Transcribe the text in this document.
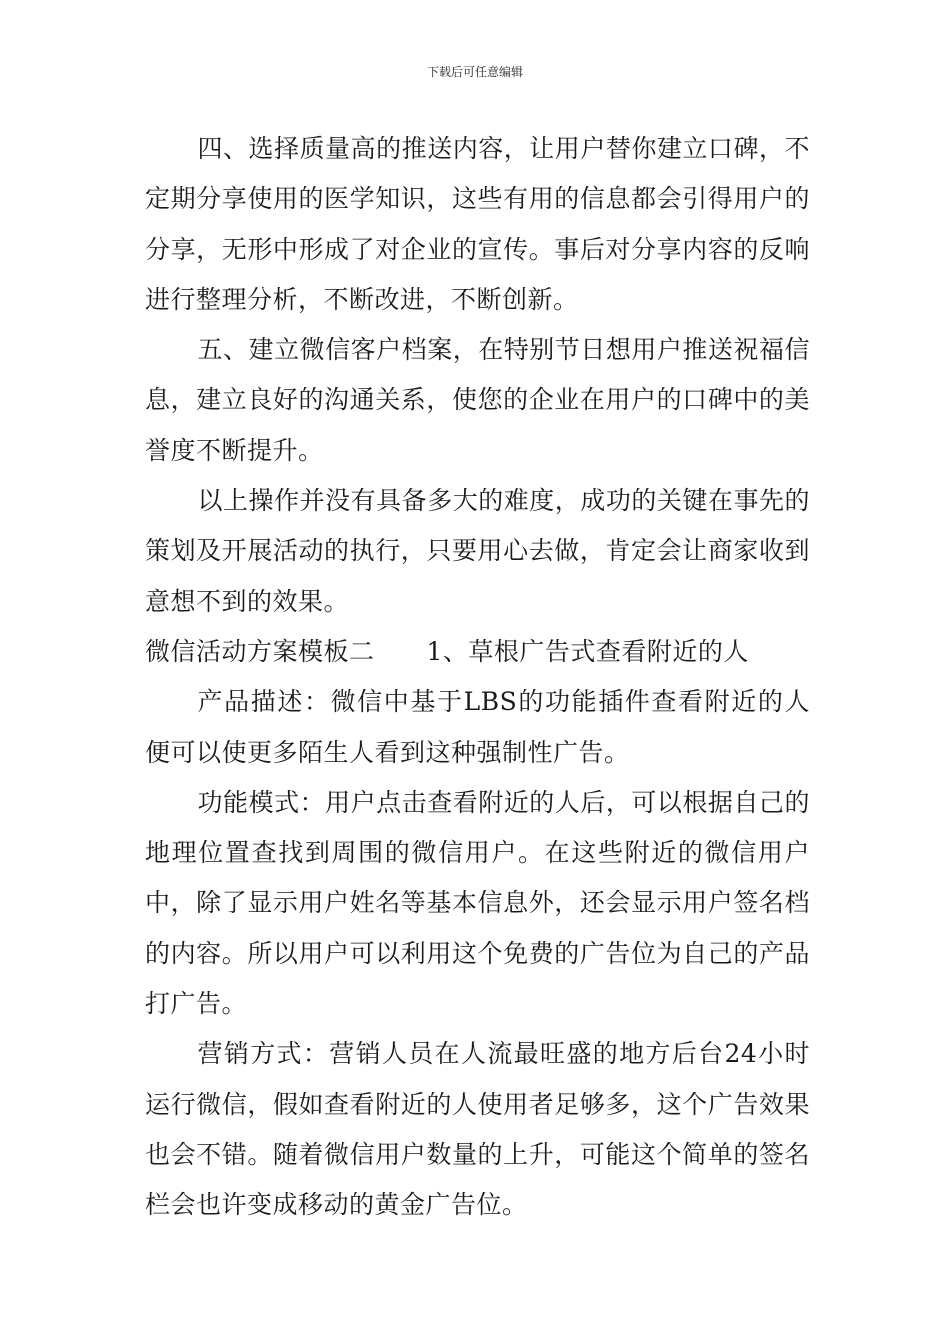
下载后可任意编辑

四、选择质量高的推送内容，让用户替你建立口碑，不定期分享使用的医学知识，这些有用的信息都会引得用户的分享，无形中形成了对企业的宣传。事后对分享内容的反响进行整理分析，不断改进，不断创新。

五、建立微信客户档案，在特别节日想用户推送祝福信息，建立良好的沟通关系，使您的企业在用户的口碑中的美誉度不断提升。

以上操作并没有具备多大的难度，成功的关键在事先的策划及开展活动的执行，只要用心去做，肯定会让商家收到意想不到的效果。

微信活动方案模板二 1、草根广告式查看附近的人

产品描述：微信中基于LBS的功能插件查看附近的人便可以使更多陌生人看到这种强制性广告。

功能模式：用户点击查看附近的人后，可以根据自己的地理位置查找到周围的微信用户。在这些附近的微信用户中，除了显示用户姓名等基本信息外，还会显示用户签名档的内容。所以用户可以利用这个免费的广告位为自己的产品打广告。

营销方式：营销人员在人流最旺盛的地方后台24小时运行微信，假如查看附近的人使用者足够多，这个广告效果也会不错。随着微信用户数量的上升，可能这个简单的签名栏会也许变成移动的黄金广告位。
